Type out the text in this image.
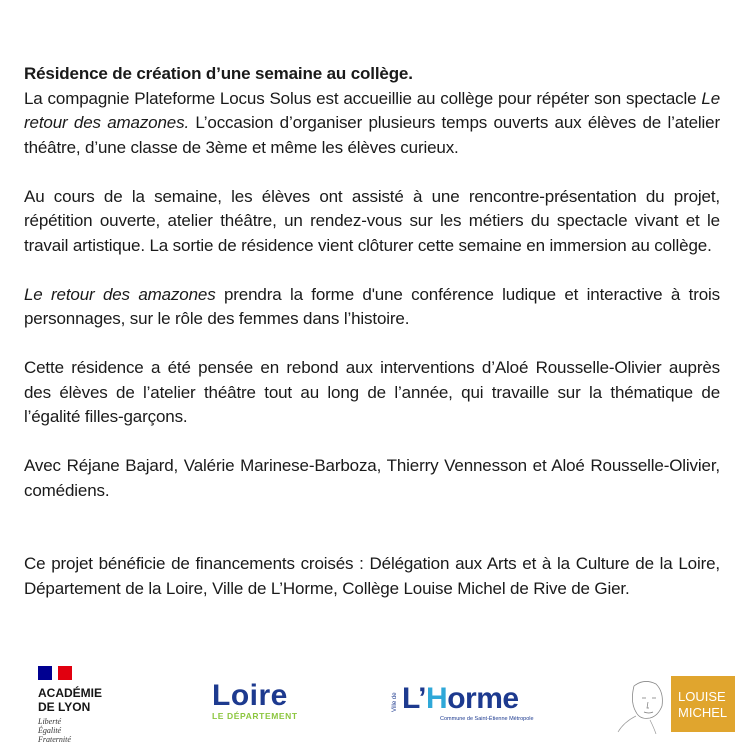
Résidence de création d’une semaine au collège.
La compagnie Plateforme Locus Solus est accueillie au collège pour répéter son spectacle Le retour des amazones. L’occasion d’organiser plusieurs temps ouverts aux élèves de l’atelier théâtre, d’une classe de 3ème et même les élèves curieux.

Au cours de la semaine, les élèves ont assisté à une rencontre-présentation du projet, répétition ouverte, atelier théâtre, un rendez-vous sur les métiers du spectacle vivant et le travail artistique. La sortie de résidence vient clôturer cette semaine en immersion au collège.

Le retour des amazones prendra la forme d'une conférence ludique et interactive à trois personnages, sur le rôle des femmes dans l’histoire.

Cette résidence a été pensée en rebond aux interventions d’Aloé Rousselle-Olivier auprès des élèves de l’atelier théâtre tout au long de l’année, qui travaille sur la thématique de l’égalité filles-garçons.

Avec Réjane Bajard, Valérie Marinese-Barboza, Thierry Vennesson et Aloé Rousselle-Olivier, comédiens.

Ce projet bénéficie de financements croisés : Délégation aux Arts et à la Culture de la Loire, Département de la Loire, Ville de L’Horme, Collège Louise Michel de Rive de Gier.

ACADÉMIE
DE LYON
Liberté
Égalité
Fraternité
Loire
LE DÉPARTEMENT
Ville de L’Horme
Commune de Saint-Étienne Métropole
LOUISE
MICHEL
